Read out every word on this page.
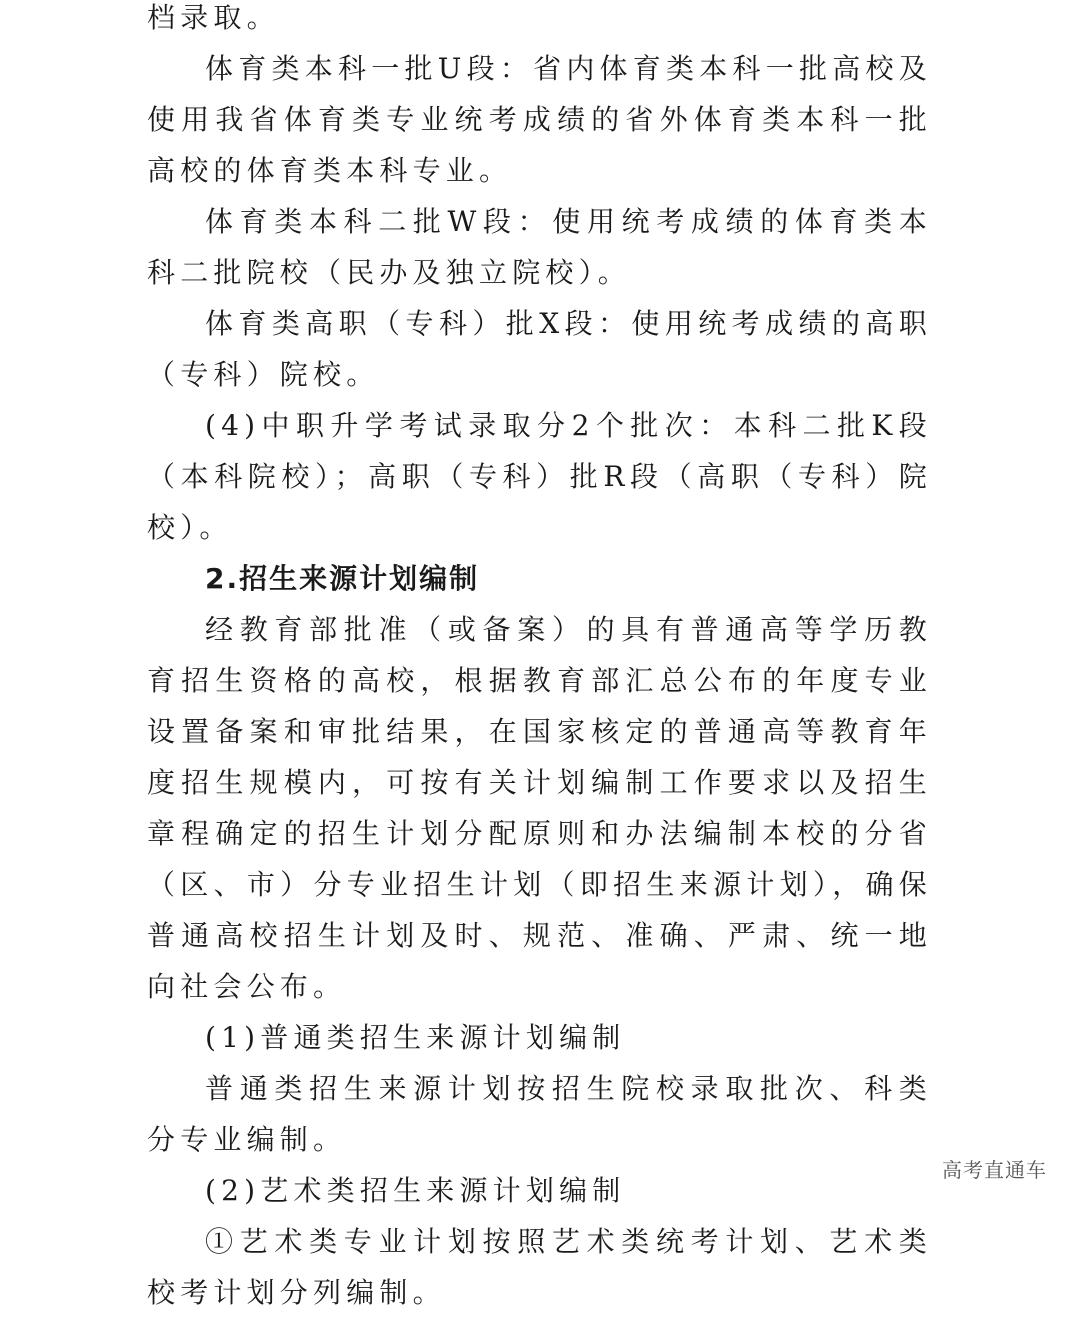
档录取。

体育类本科一批U段：省内体育类本科一批高校及使用我省体育类专业统考成绩的省外体育类本科一批高校的体育类本科专业。

体育类本科二批W段：使用统考成绩的体育类本科二批院校（民办及独立院校）。

体育类高职（专科）批X段：使用统考成绩的高职（专科）院校。

(4)中职升学考试录取分2个批次：本科二批K段（本科院校）；高职（专科）批R段（高职（专科）院校）。

2.招生来源计划编制

经教育部批准（或备案）的具有普通高等学历教育招生资格的高校，根据教育部汇总公布的年度专业设置备案和审批结果，在国家核定的普通高等教育年度招生规模内，可按有关计划编制工作要求以及招生章程确定的招生计划分配原则和办法编制本校的分省（区、市）分专业招生计划（即招生来源计划），确保普通高校招生计划及时、规范、准确、严肃、统一地向社会公布。

(1)普通类招生来源计划编制

普通类招生来源计划按招生院校录取批次、科类分专业编制。

(2)艺术类招生来源计划编制

①艺术类专业计划按照艺术类统考计划、艺术类校考计划分列编制。

高考直通车
